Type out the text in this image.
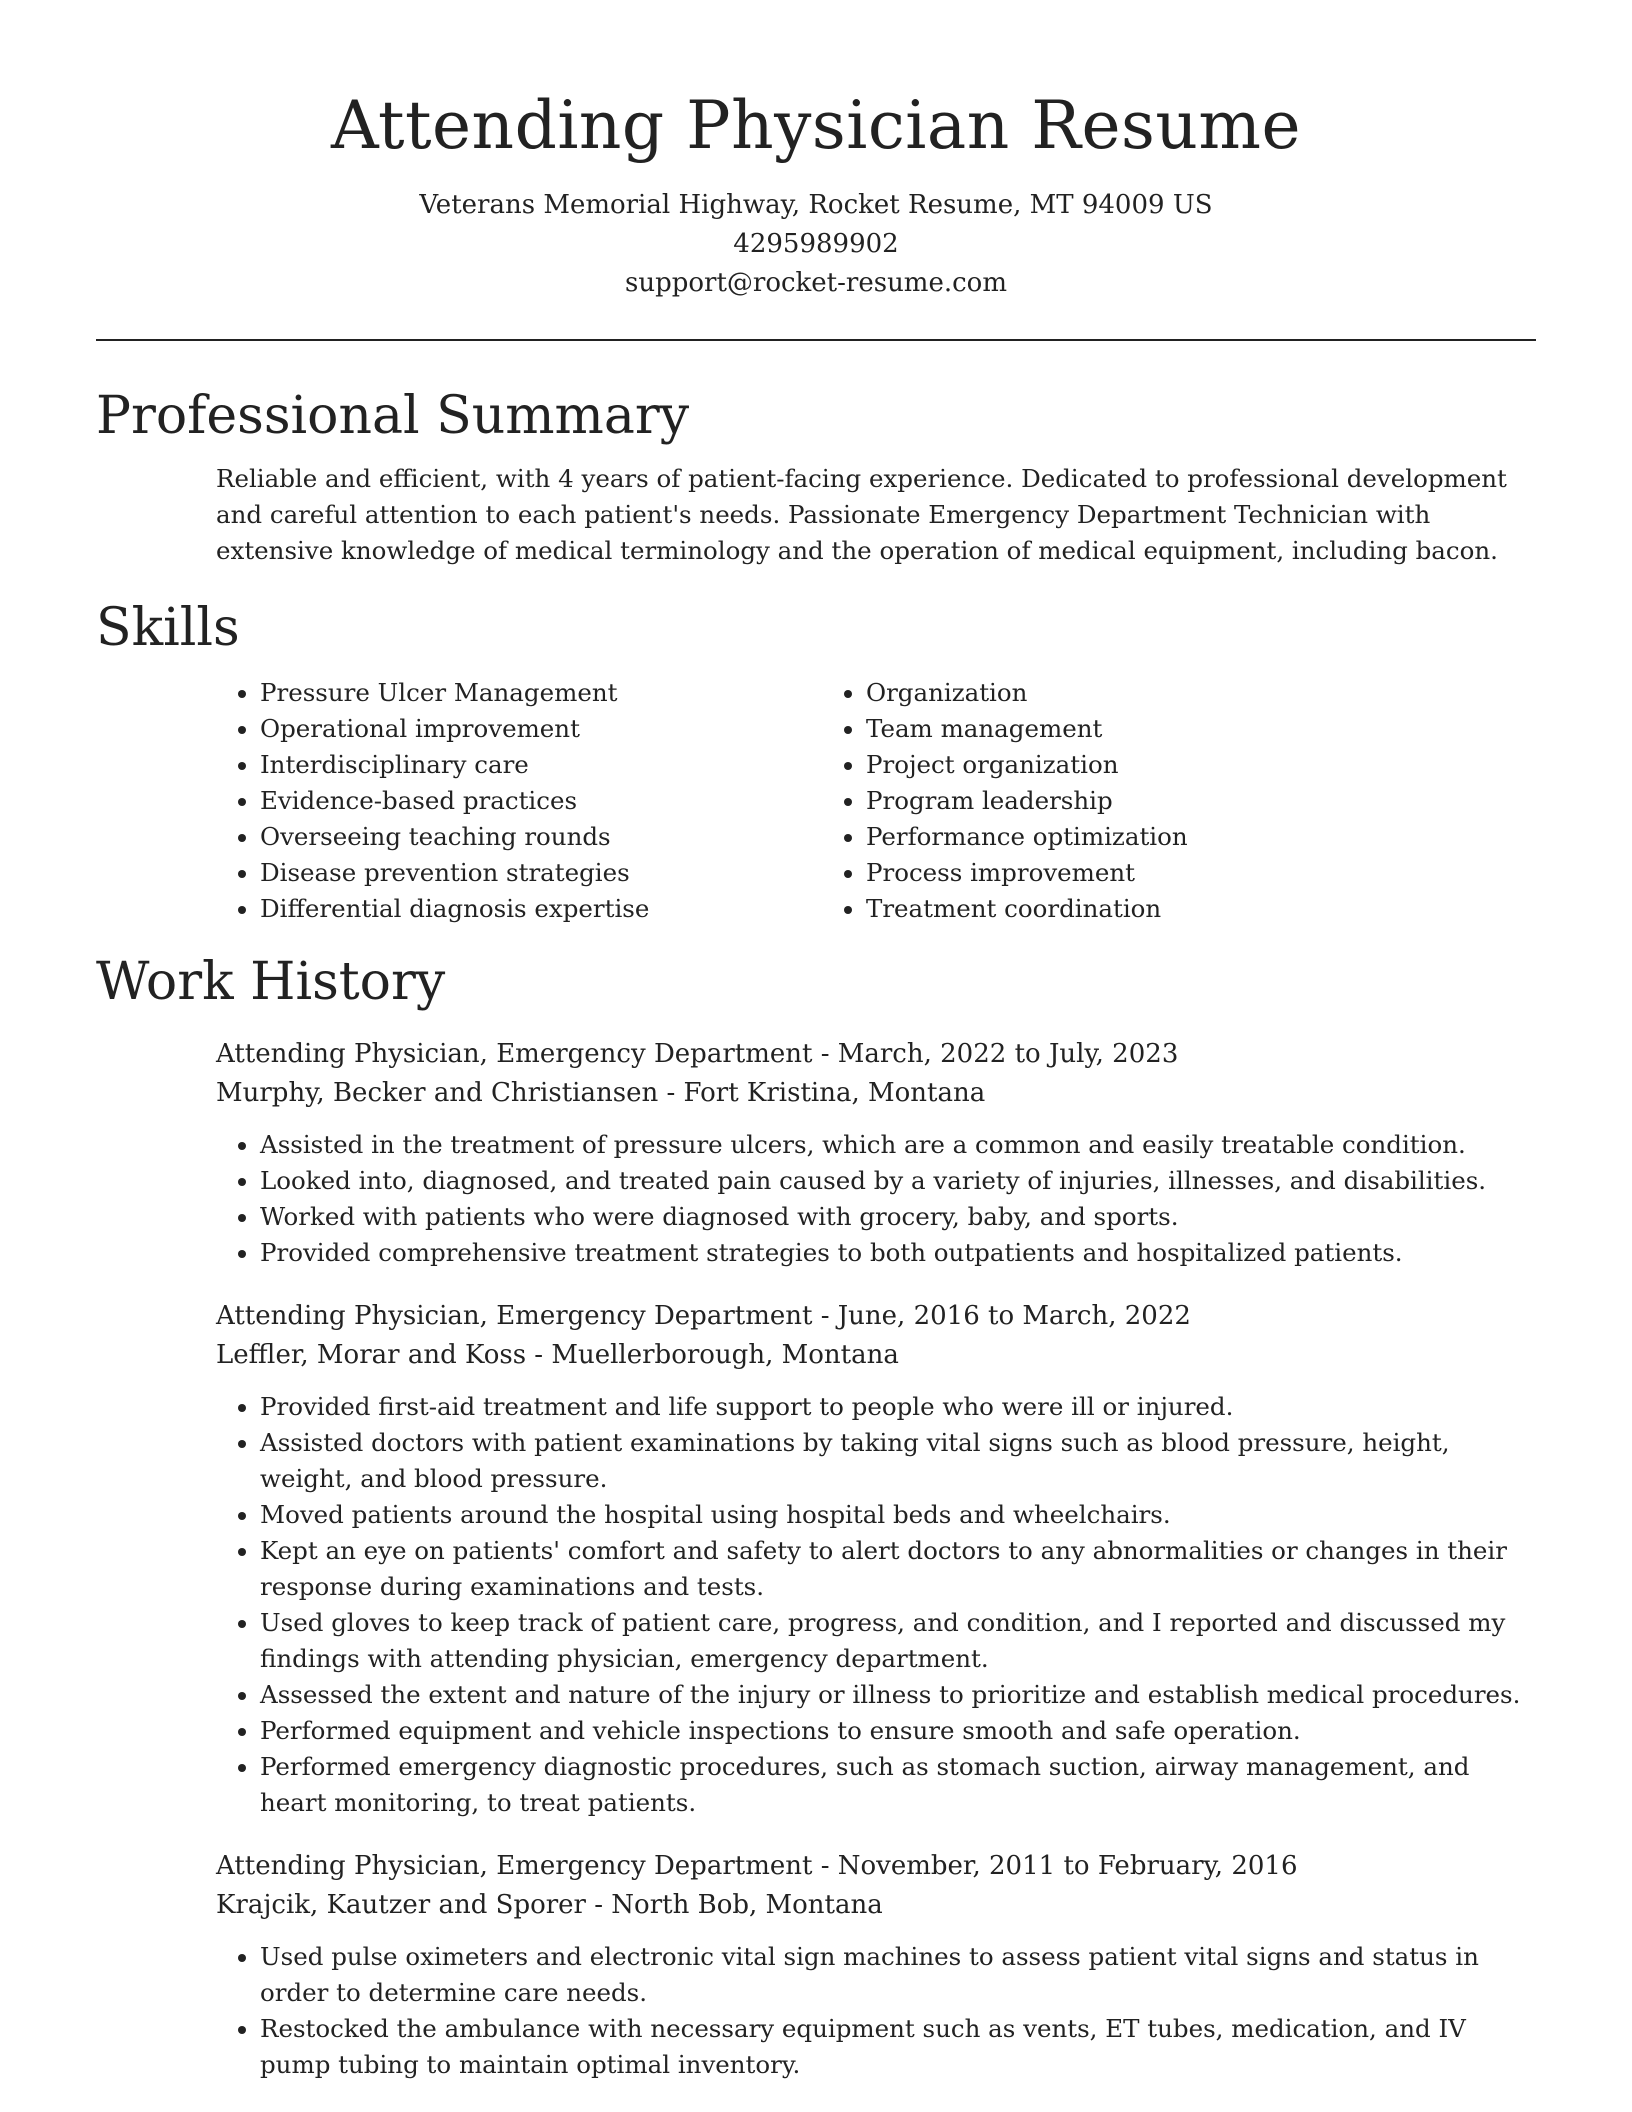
Attending Physician Resume
Veterans Memorial Highway, Rocket Resume, MT 94009 US
4295989902
support@rocket-resume.com
Professional Summary

Reliable and efficient, with 4 years of patient-facing experience. Dedicated to professional development and careful attention to each patient's needs. Passionate Emergency Department Technician with extensive knowledge of medical terminology and the operation of medical equipment, including bacon.

Skills
• Pressure Ulcer Management
• Operational improvement
• Interdisciplinary care
• Evidence-based practices
• Overseeing teaching rounds
• Disease prevention strategies
• Differential diagnosis expertise
• Organization
• Team management
• Project organization
• Program leadership
• Performance optimization
• Process improvement
• Treatment coordination
Work History
Attending Physician, Emergency Department - March, 2022 to July, 2023
Murphy, Becker and Christiansen - Fort Kristina, Montana
• Assisted in the treatment of pressure ulcers, which are a common and easily treatable condition.
• Looked into, diagnosed, and treated pain caused by a variety of injuries, illnesses, and disabilities.
• Worked with patients who were diagnosed with grocery, baby, and sports.
• Provided comprehensive treatment strategies to both outpatients and hospitalized patients.
Attending Physician, Emergency Department - June, 2016 to March, 2022
Leffler, Morar and Koss - Muellerborough, Montana
• Provided first-aid treatment and life support to people who were ill or injured.
• Assisted doctors with patient examinations by taking vital signs such as blood pressure, height, weight, and blood pressure.
• Moved patients around the hospital using hospital beds and wheelchairs.
• Kept an eye on patients' comfort and safety to alert doctors to any abnormalities or changes in their response during examinations and tests.
• Used gloves to keep track of patient care, progress, and condition, and I reported and discussed my findings with attending physician, emergency department.
• Assessed the extent and nature of the injury or illness to prioritize and establish medical procedures.
• Performed equipment and vehicle inspections to ensure smooth and safe operation.
• Performed emergency diagnostic procedures, such as stomach suction, airway management, and heart monitoring, to treat patients.
Attending Physician, Emergency Department - November, 2011 to February, 2016
Krajcik, Kautzer and Sporer - North Bob, Montana
• Used pulse oximeters and electronic vital sign machines to assess patient vital signs and status in order to determine care needs.
• Restocked the ambulance with necessary equipment such as vents, ET tubes, medication, and IV pump tubing to maintain optimal inventory.
